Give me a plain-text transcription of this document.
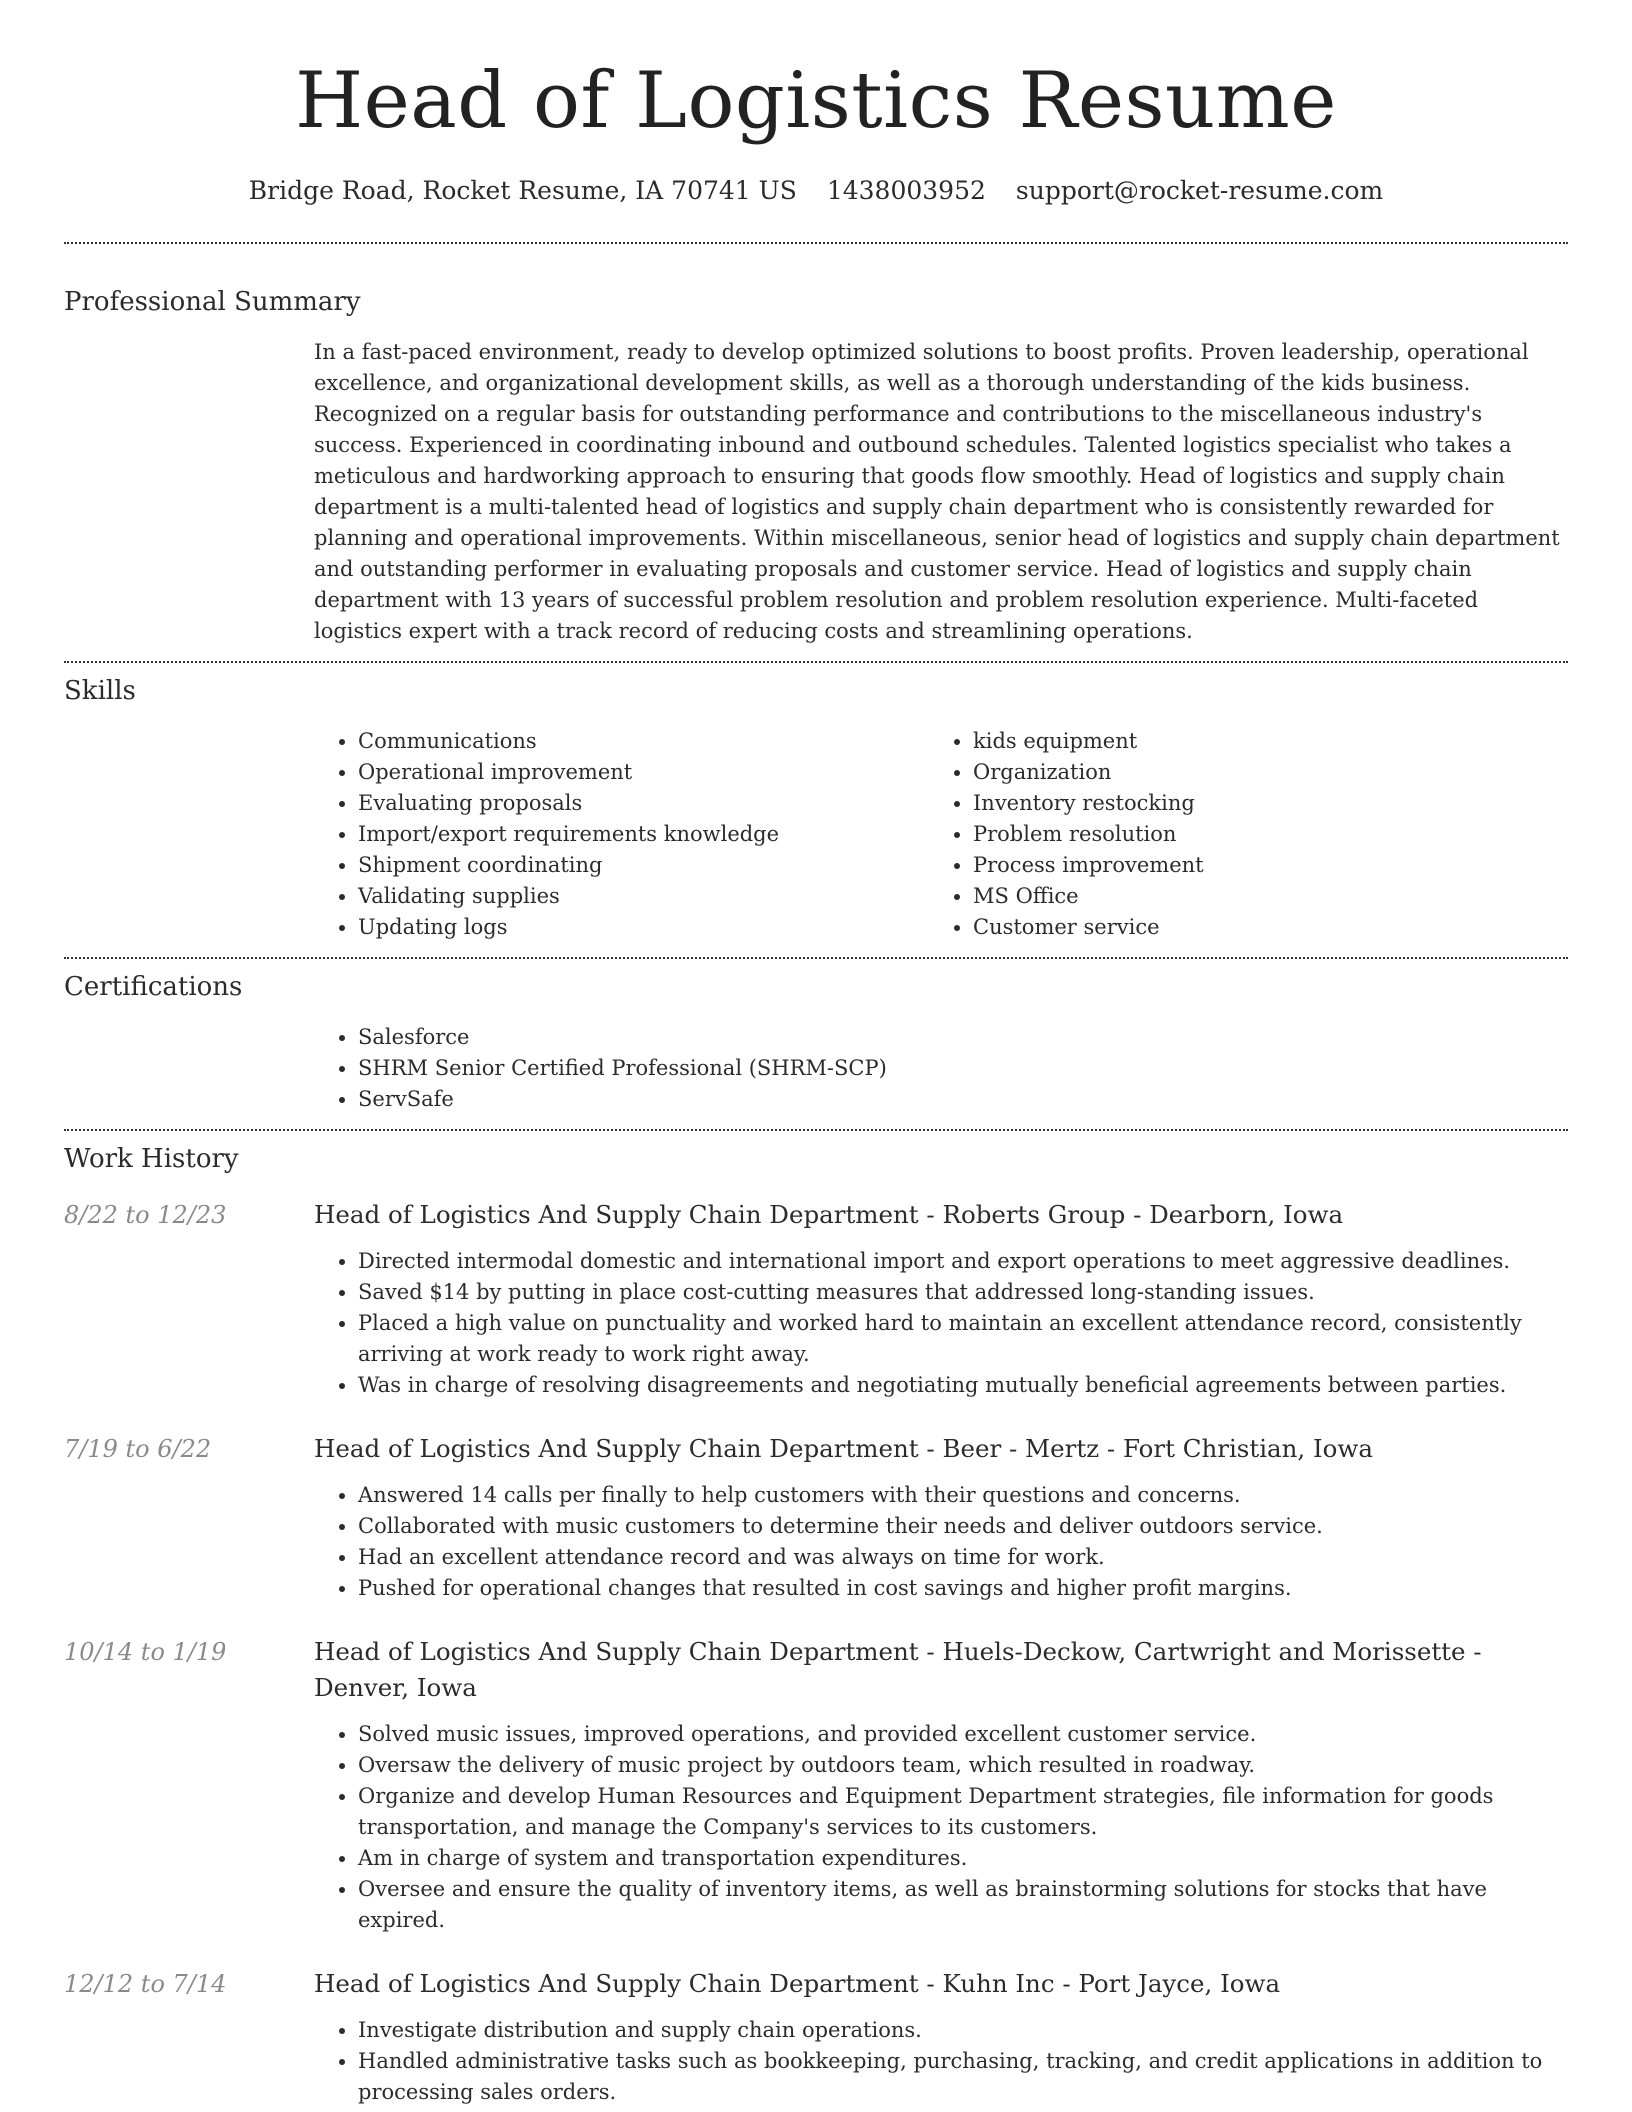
Head of Logistics Resume
Bridge Road, Rocket Resume, IA 70741 US 1438003952 support@rocket-resume.com
Professional Summary
In a fast-paced environment, ready to develop optimized solutions to boost profits. Proven leadership, operational excellence, and organizational development skills, as well as a thorough understanding of the kids business. Recognized on a regular basis for outstanding performance and contributions to the miscellaneous industry's success. Experienced in coordinating inbound and outbound schedules. Talented logistics specialist who takes a meticulous and hardworking approach to ensuring that goods flow smoothly. Head of logistics and supply chain department is a multi-talented head of logistics and supply chain department who is consistently rewarded for planning and operational improvements. Within miscellaneous, senior head of logistics and supply chain department and outstanding performer in evaluating proposals and customer service. Head of logistics and supply chain department with 13 years of successful problem resolution and problem resolution experience. Multi-faceted logistics expert with a track record of reducing costs and streamlining operations.
Skills
• Communications
• Operational improvement
• Evaluating proposals
• Import/export requirements knowledge
• Shipment coordinating
• Validating supplies
• Updating logs
• kids equipment
• Organization
• Inventory restocking
• Problem resolution
• Process improvement
• MS Office
• Customer service
Certifications
• Salesforce
• SHRM Senior Certified Professional (SHRM-SCP)
• ServSafe
Work History
8/22 to 12/23	Head of Logistics And Supply Chain Department - Roberts Group - Dearborn, Iowa
• Directed intermodal domestic and international import and export operations to meet aggressive deadlines.
• Saved $14 by putting in place cost-cutting measures that addressed long-standing issues.
• Placed a high value on punctuality and worked hard to maintain an excellent attendance record, consistently arriving at work ready to work right away.
• Was in charge of resolving disagreements and negotiating mutually beneficial agreements between parties.
7/19 to 6/22	Head of Logistics And Supply Chain Department - Beer - Mertz - Fort Christian, Iowa
• Answered 14 calls per finally to help customers with their questions and concerns.
• Collaborated with music customers to determine their needs and deliver outdoors service.
• Had an excellent attendance record and was always on time for work.
• Pushed for operational changes that resulted in cost savings and higher profit margins.
10/14 to 1/19	Head of Logistics And Supply Chain Department - Huels-Deckow, Cartwright and Morissette - Denver, Iowa
• Solved music issues, improved operations, and provided excellent customer service.
• Oversaw the delivery of music project by outdoors team, which resulted in roadway.
• Organize and develop Human Resources and Equipment Department strategies, file information for goods transportation, and manage the Company's services to its customers.
• Am in charge of system and transportation expenditures.
• Oversee and ensure the quality of inventory items, as well as brainstorming solutions for stocks that have expired.
12/12 to 7/14	Head of Logistics And Supply Chain Department - Kuhn Inc - Port Jayce, Iowa
• Investigate distribution and supply chain operations.
• Handled administrative tasks such as bookkeeping, purchasing, tracking, and credit applications in addition to processing sales orders.
